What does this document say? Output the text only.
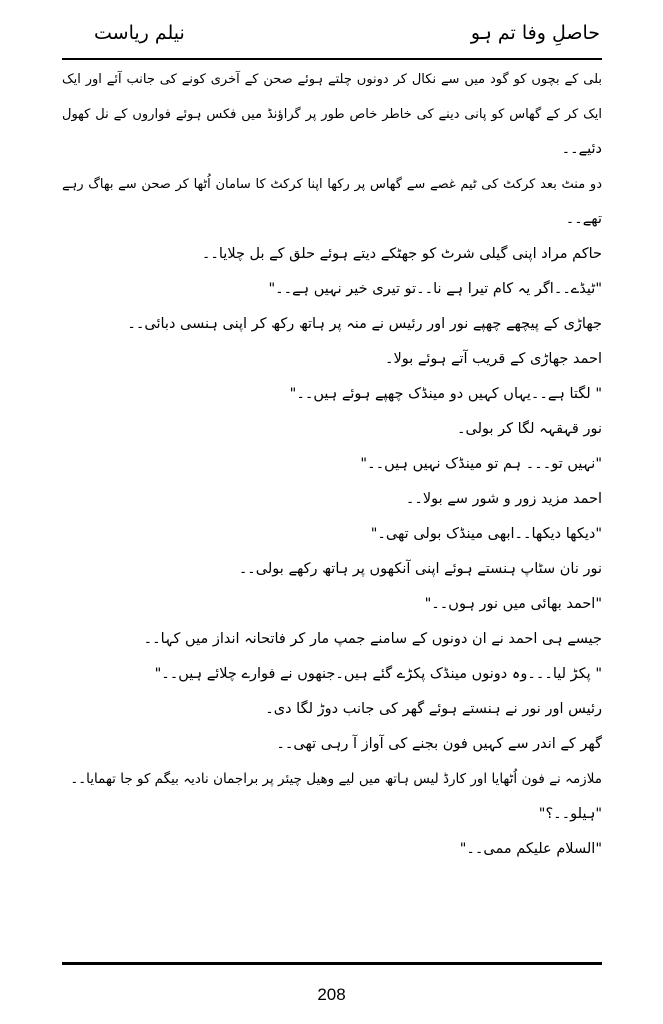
حاصلِ وفا تم ہو
نیلم ریاست
بلی کے بچوں کو گود میں سے نکال کر دونوں چلتے ہوئے صحن کے آخری کونے کی جانب آئے اور ایک
ایک کر کے گھاس کو پانی دینے کی خاطر خاص طور پر گراؤنڈ میں فکس ہوئے فواروں کے نل کھول
دئیے۔۔
دو منٹ بعد کرکٹ کی ٹیم غصے سے گھاس پر رکھا اپنا کرکٹ کا سامان اُٹھا کر صحن سے بھاگ رہے
تھے۔۔
حاکم مراد اپنی گیلی شرٹ کو جھٹکے دیتے ہوئے حلق کے بل چلایا۔۔
"ٹیڈے۔۔اگر یہ کام تیرا ہے نا۔۔تو تیری خیر نہیں ہے۔۔"
جھاڑی کے پیچھے چھپے نور اور رئیس نے منہ پر ہاتھ رکھ کر اپنی ہنسی دبائی۔۔
احمد جھاڑی کے قریب آتے ہوئے بولا۔
" لگتا ہے۔۔یہاں کہیں دو مینڈک چھپے ہوئے ہیں۔۔"
نور قہقہہ لگا کر بولی۔
"نہیں تو۔۔۔ ہم تو مینڈک نہیں ہیں۔۔"
احمد مزید زور و شور سے بولا۔۔
"دیکھا دیکھا۔۔ابھی مینڈک بولی تھی۔"
نور نان سٹاپ ہنستے ہوئے اپنی آنکھوں پر ہاتھ رکھے بولی۔۔
"احمد بھائی میں نور ہوں۔۔"
جیسے ہی احمد نے ان دونوں کے سامنے جمپ مار کر فاتحانہ انداز میں کہا۔۔
" پکڑ لیا۔۔۔وہ دونوں مینڈک پکڑے گئے ہیں۔جنھوں نے فوارے چلائے ہیں۔۔"
رئیس اور نور نے ہنستے ہوئے گھر کی جانب دوڑ لگا دی۔
گھر کے اندر سے کہیں فون بجنے کی آواز آ رہی تھی۔۔
ملازمہ نے فون اُٹھایا اور کارڈ لیس ہاتھ میں لیے وھیل چیئر پر براجمان نادیہ بیگم کو جا تھمایا۔۔
"ہیلو۔۔؟"
"السلام علیکم ممی۔۔"
208
